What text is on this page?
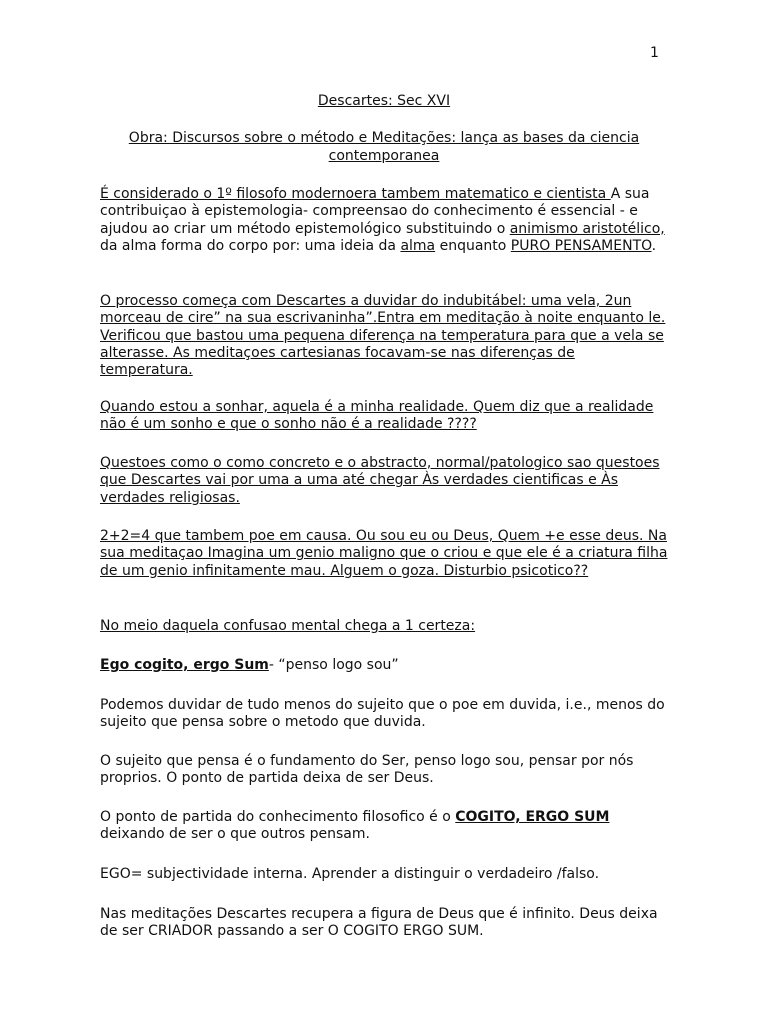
1
Descartes: Sec XVI
Obra: Discursos sobre o método e Meditações: lança as bases da ciencia
contemporanea
É considerado o 1º filosofo modernoera tambem matematico e cientista A sua contribuiçao à epistemologia- compreensao do conhecimento é essencial - e ajudou ao criar um método epistemológico substituindo o animismo aristotélico, da alma forma do corpo por: uma ideia da alma enquanto PURO PENSAMENTO.
O processo começa com Descartes a duvidar do indubitábel: uma vela, 2un morceau de cire” na sua escrivaninha”.Entra em meditação à noite enquanto le. Verificou que bastou uma pequena diferença na temperatura para que a vela se alterasse. As meditaçoes cartesianas focavam-se nas diferenças de temperatura.
Quando estou a sonhar, aquela é a minha realidade. Quem diz que a realidade não é um sonho e que o sonho não é a realidade ????
Questoes como o como concreto e o abstracto, normal/patologico sao questoes que Descartes vai por uma a uma até chegar Às verdades cientificas e Às verdades religiosas.
2+2=4 que tambem poe em causa. Ou sou eu ou Deus, Quem +e esse deus. Na sua meditaçao Imagina um genio maligno que o criou e que ele é a criatura filha de um genio infinitamente mau. Alguem o goza. Disturbio psicotico??
No meio daquela confusao mental chega a 1 certeza:
Ego cogito, ergo Sum- “penso logo sou”
Podemos duvidar de tudo menos do sujeito que o poe em duvida, i.e., menos do sujeito que pensa sobre o metodo que duvida.
O sujeito que pensa é o fundamento do Ser, penso logo sou, pensar por nós proprios. O ponto de partida deixa de ser Deus.
O ponto de partida do conhecimento filosofico é o COGITO, ERGO SUM deixando de ser o que outros pensam.
EGO= subjectividade interna. Aprender a distinguir o verdadeiro /falso.
Nas meditações Descartes recupera a figura de Deus que é infinito. Deus deixa de ser CRIADOR passando a ser O COGITO ERGO SUM.
